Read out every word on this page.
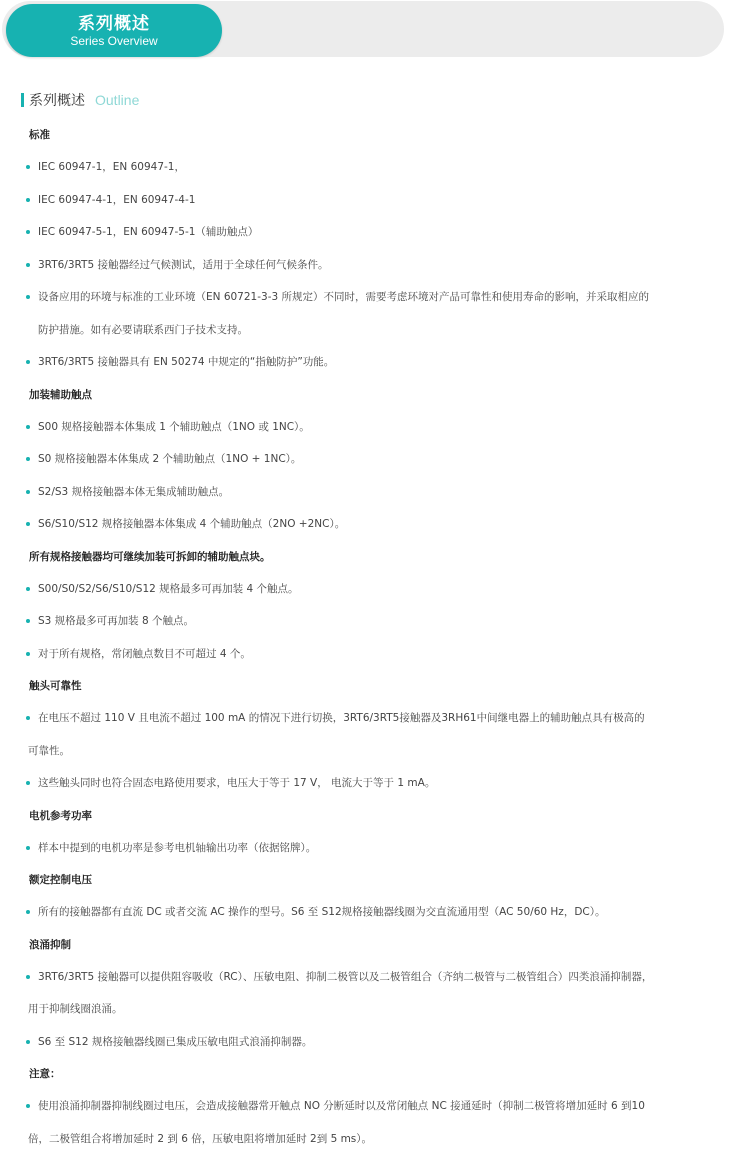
系列概述
Series Overview
系列概述 Outline
标准
IEC 60947-1，EN 60947-1，
IEC 60947-4-1，EN 60947-4-1
IEC 60947-5-1，EN 60947-5-1（辅助触点）
3RT6/3RT5 接触器经过气候测试，适用于全球任何气候条件。
设备应用的环境与标准的工业环境（EN 60721-3-3 所规定）不同时，需要考虑环境对产品可靠性和使用寿命的影响，并采取相应的
防护措施。如有必要请联系西门子技术支持。
3RT6/3RT5 接触器具有 EN 50274 中规定的“指触防护”功能。
加装辅助触点
S00 规格接触器本体集成 1 个辅助触点（1NO 或 1NC）。
S0 规格接触器本体集成 2 个辅助触点（1NO + 1NC）。
S2/S3 规格接触器本体无集成辅助触点。
S6/S10/S12 规格接触器本体集成 4 个辅助触点（2NO +2NC）。
所有规格接触器均可继续加装可拆卸的辅助触点块。
S00/S0/S2/S6/S10/S12 规格最多可再加装 4 个触点。
S3 规格最多可再加装 8 个触点。
对于所有规格，常闭触点数目不可超过 4 个。
触头可靠性
在电压不超过 110 V 且电流不超过 100 mA 的情况下进行切换，3RT6/3RT5接触器及3RH61中间继电器上的辅助触点具有极高的
可靠性。
这些触头同时也符合固态电路使用要求，电压大于等于 17 V， 电流大于等于 1 mA。
电机参考功率
样本中提到的电机功率是参考电机轴输出功率（依据铭牌）。
额定控制电压
所有的接触器都有直流 DC 或者交流 AC 操作的型号。S6 至 S12规格接触器线圈为交直流通用型（AC 50/60 Hz，DC）。
浪涌抑制
3RT6/3RT5 接触器可以提供阻容吸收（RC）、压敏电阻、抑制二极管以及二极管组合（齐纳二极管与二极管组合）四类浪涌抑制器，
用于抑制线圈浪涌。
S6 至 S12 规格接触器线圈已集成压敏电阻式浪涌抑制器。
注意：
使用浪涌抑制器抑制线圈过电压，会造成接触器常开触点 NO 分断延时以及常闭触点 NC 接通延时（抑制二极管将增加延时 6 到10
倍，二极管组合将增加延时 2 到 6 倍，压敏电阻将增加延时 2到 5 ms）。
